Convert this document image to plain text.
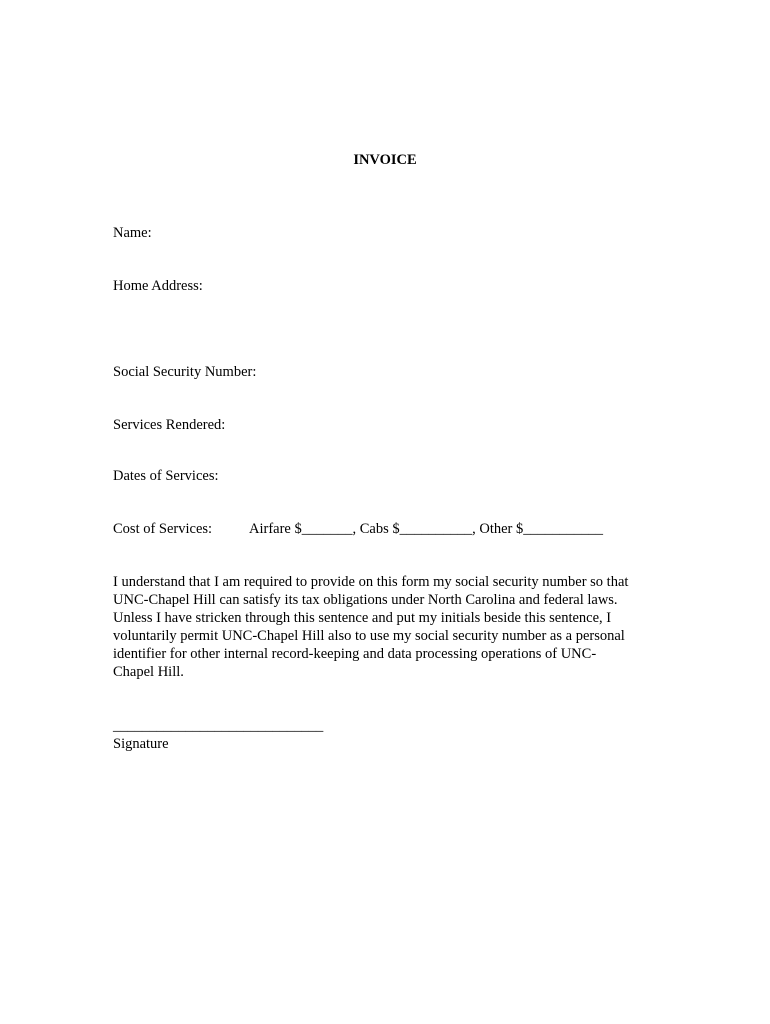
INVOICE
Name:
Home Address:
Social Security Number:
Services Rendered:
Dates of Services:
Cost of Services:	Airfare $_______, Cabs $__________, Other $___________
I understand that I am required to provide on this form my social security number so that
UNC-Chapel Hill can satisfy its tax obligations under North Carolina and federal laws.
Unless I have stricken through this sentence and put my initials beside this sentence, I
voluntarily permit UNC-Chapel Hill also to use my social security number as a personal
identifier for other internal record-keeping and data processing operations of UNC-
Chapel Hill.
_____________________________
Signature
